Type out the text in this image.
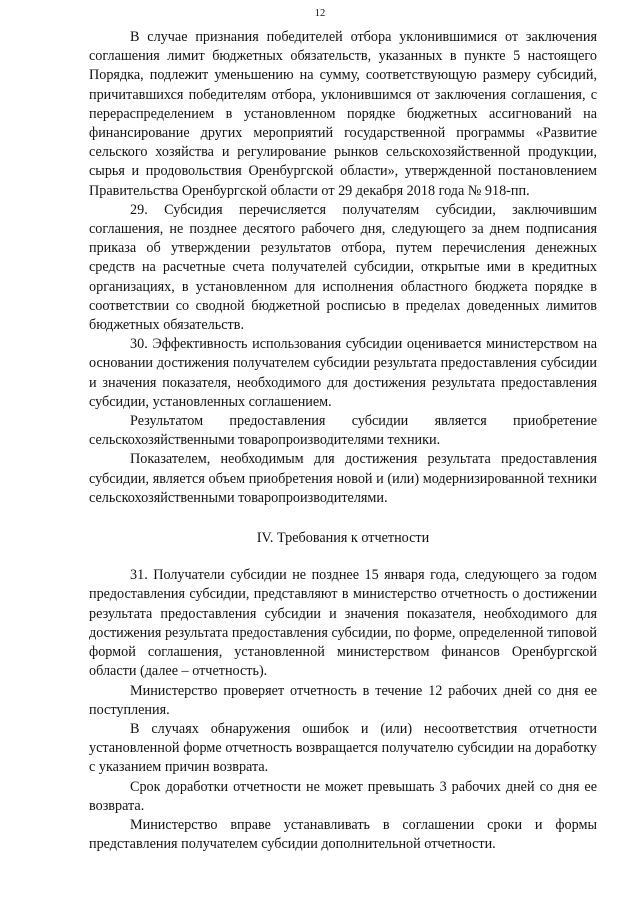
12

В случае признания победителей отбора уклонившимися от заключения соглашения лимит бюджетных обязательств, указанных в пункте 5 настоящего Порядка, подлежит уменьшению на сумму, соответствующую размеру субсидий, причитавшихся победителям отбора, уклонившимся от заключения соглашения, с перераспределением в установленном порядке бюджетных ассигнований на финансирование других мероприятий государственной программы «Развитие сельского хозяйства и регулирование рынков сельскохозяйственной продукции, сырья и продовольствия Оренбургской области», утвержденной постановлением Правительства Оренбургской области от 29 декабря 2018 года № 918-пп.

29. Субсидия перечисляется получателям субсидии, заключившим соглашения, не позднее десятого рабочего дня, следующего за днем подписания приказа об утверждении результатов отбора, путем перечисления денежных средств на расчетные счета получателей субсидии, открытые ими в кредитных организациях, в установленном для исполнения областного бюджета порядке в соответствии со сводной бюджетной росписью в пределах доведенных лимитов бюджетных обязательств.

30. Эффективность использования субсидии оценивается министерством на основании достижения получателем субсидии результата предоставления субсидии и значения показателя, необходимого для достижения результата предоставления субсидии, установленных соглашением.

Результатом предоставления субсидии является приобретение сельскохозяйственными товаропроизводителями техники.

Показателем, необходимым для достижения результата предоставления субсидии, является объем приобретения новой и (или) модернизированной техники сельскохозяйственными товаропроизводителями.

IV. Требования к отчетности

31. Получатели субсидии не позднее 15 января года, следующего за годом предоставления субсидии, представляют в министерство отчетность о достижении результата предоставления субсидии и значения показателя, необходимого для достижения результата предоставления субсидии, по форме, определенной типовой формой соглашения, установленной министерством финансов Оренбургской области (далее – отчетность).

Министерство проверяет отчетность в течение 12 рабочих дней со дня ее поступления.

В случаях обнаружения ошибок и (или) несоответствия отчетности установленной форме отчетность возвращается получателю субсидии на доработку с указанием причин возврата.

Срок доработки отчетности не может превышать 3 рабочих дней со дня ее возврата.

Министерство вправе устанавливать в соглашении сроки и формы представления получателем субсидии дополнительной отчетности.
